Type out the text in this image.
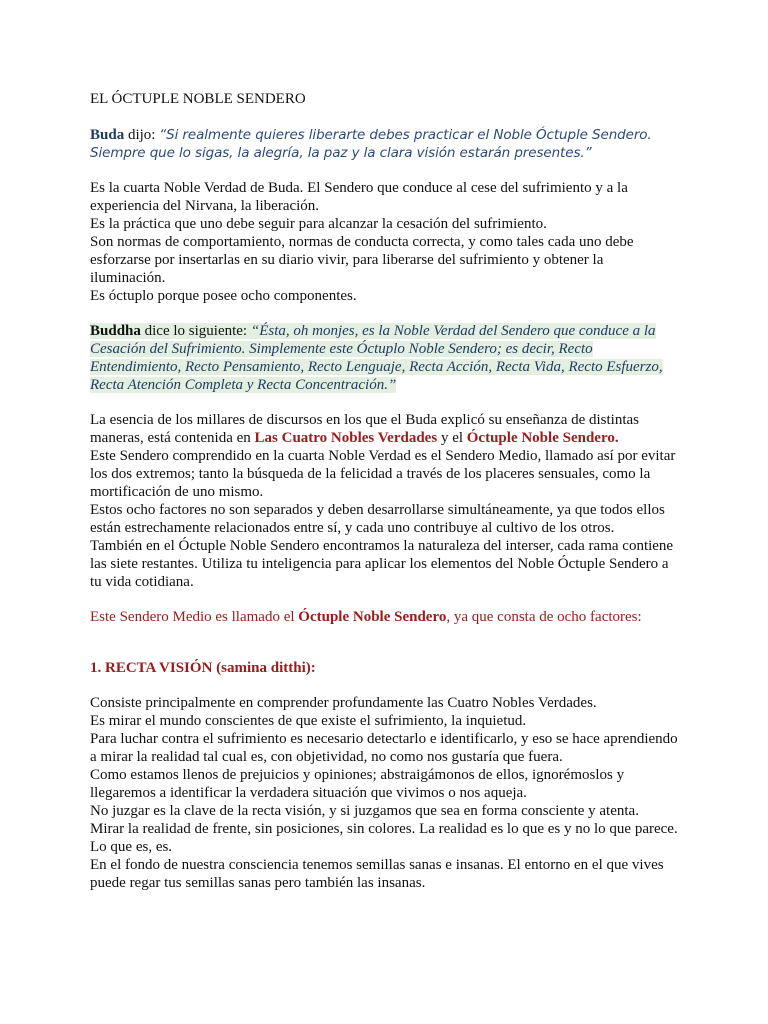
EL ÓCTUPLE NOBLE SENDERO

Buda dijo: “Si realmente quieres liberarte debes practicar el Noble Óctuple Sendero. Siempre que lo sigas, la alegría, la paz y la clara visión estarán presentes.”

Es la cuarta Noble Verdad de Buda. El Sendero que conduce al cese del sufrimiento y a la experiencia del Nirvana, la liberación.

Es la práctica que uno debe seguir para alcanzar la cesación del sufrimiento.

Son normas de comportamiento, normas de conducta correcta, y como tales cada uno debe esforzarse por insertarlas en su diario vivir, para liberarse del sufrimiento y obtener la iluminación.

Es óctuplo porque posee ocho componentes.

Buddha dice lo siguiente: “Ésta, oh monjes, es la Noble Verdad del Sendero que conduce a la Cesación del Sufrimiento. Simplemente este Óctuplo Noble Sendero; es decir, Recto Entendimiento, Recto Pensamiento, Recto Lenguaje, Recta Acción, Recta Vida, Recto Esfuerzo, Recta Atención Completa y Recta Concentración.”

La esencia de los millares de discursos en los que el Buda explicó su enseñanza de distintas maneras, está contenida en Las Cuatro Nobles Verdades y el Óctuple Noble Sendero.

Este Sendero comprendido en la cuarta Noble Verdad es el Sendero Medio, llamado así por evitar los dos extremos; tanto la búsqueda de la felicidad a través de los placeres sensuales, como la mortificación de uno mismo.

Estos ocho factores no son separados y deben desarrollarse simultáneamente, ya que todos ellos están estrechamente relacionados entre sí, y cada uno contribuye al cultivo de los otros.

También en el Óctuple Noble Sendero encontramos la naturaleza del interser, cada rama contiene las siete restantes. Utiliza tu inteligencia para aplicar los elementos del Noble Óctuple Sendero a tu vida cotidiana.

Este Sendero Medio es llamado el Óctuple Noble Sendero, ya que consta de ocho factores:

1. RECTA VISIÓN (samina ditthi):

Consiste principalmente en comprender profundamente las Cuatro Nobles Verdades.

Es mirar el mundo conscientes de que existe el sufrimiento, la inquietud.

Para luchar contra el sufrimiento es necesario detectarlo e identificarlo, y eso se hace aprendiendo a mirar la realidad tal cual es, con objetividad, no como nos gustaría que fuera.

Como estamos llenos de prejuicios y opiniones; abstraigámonos de ellos, ignorémoslos y llegaremos a identificar la verdadera situación que vivimos o nos aqueja.

No juzgar es la clave de la recta visión, y si juzgamos que sea en forma consciente y atenta.

Mirar la realidad de frente, sin posiciones, sin colores. La realidad es lo que es y no lo que parece. Lo que es, es.

En el fondo de nuestra consciencia tenemos semillas sanas e insanas. El entorno en el que vives puede regar tus semillas sanas pero también las insanas.
